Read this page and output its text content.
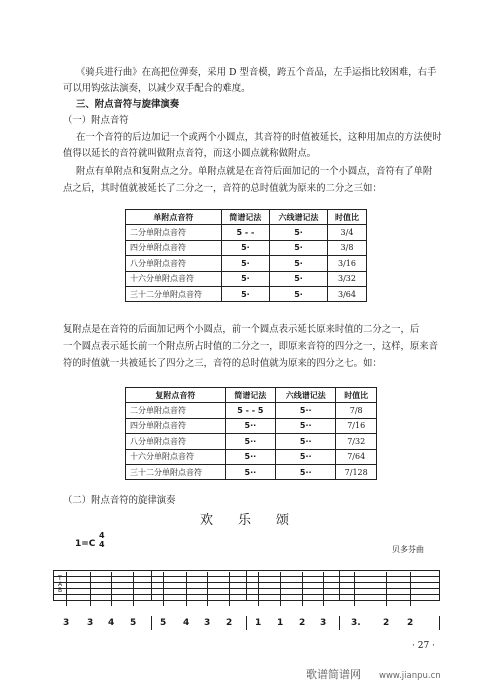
《骑兵进行曲》在高把位弹奏，采用 D 型音模，跨五个音品，左手运指比较困难，右手
可以用钩弦法演奏，以减少双手配合的难度。
三、附点音符与旋律演奏
（一）附点音符
在一个音符的后边加记一个或两个小圆点，其音符的时值被延长，这种用加点的方法使时
值得以延长的音符就叫做附点音符，而这小圆点就称做附点。
附点有单附点和复附点之分。单附点就是在音符后面加记的一个小圆点，音符有了单附
点之后，其时值就被延长了二分之一，音符的总时值就为原来的二分之三如：
单附点音符	简谱记法	六线谱记法	时值比
二分单附点音符	5 - -	5·	3/4
四分单附点音符	5·	5·	3/8
八分单附点音符	5·	5·	3/16
十六分单附点音符	5·	5·	3/32
三十二分单附点音符	5·	5·	3/64
复附点是在音符的后面加记两个小圆点，前一个圆点表示延长原来时值的二分之一，后
一个圆点表示延长前一个附点所占时值的二分之一，即原来音符的四分之一，这样，原来音
符的时值就一共被延长了四分之三，音符的总时值就为原来的四分之七。如：
复附点音符	简谱记法	六线谱记法	时值比
二分单附点音符	5 - - 5	5··	7/8
四分单附点音符	5··	5··	7/16
八分单附点音符	5··	5··	7/32
十六分单附点音符	5··	5··	7/64
三十二分单附点音符	5··	5··	7/128
（二）附点音符的旋律演奏
欢　乐　颂
1=C
4
4
贝多芬曲
T
A
B
3 3 4 5	5 4 3 2	1 1 2 3	3. 2 2
· 27 ·
歌谱简谱网 www.jianpu.cn
